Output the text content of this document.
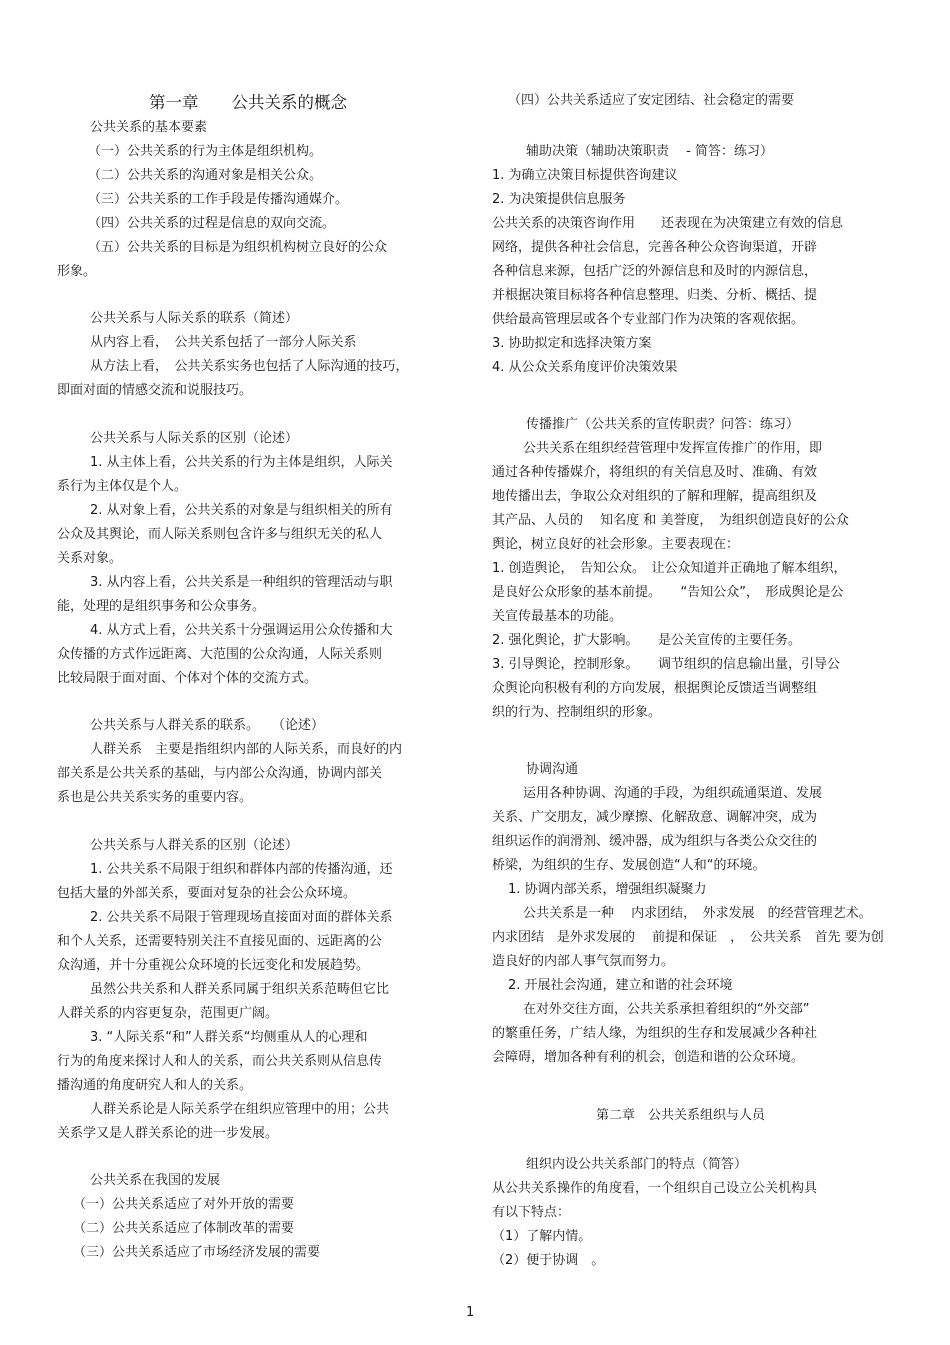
第一章　　公共关系的概念
公共关系的基本要素
（一）公共关系的行为主体是组织机构。
（二）公共关系的沟通对象是相关公众。
（三）公共关系的工作手段是传播沟通媒介。
（四）公共关系的过程是信息的双向交流。
（五）公共关系的目标是为组织机构树立良好的公众
形象。
公共关系与人际关系的联系（简述）
从内容上看，　公共关系包括了一部分人际关系
从方法上看，　公共关系实务也包括了人际沟通的技巧，
即面对面的情感交流和说服技巧。
公共关系与人际关系的区别（论述）
1. 从主体上看，公共关系的行为主体是组织，人际关
系行为主体仅是个人。
2. 从对象上看，公共关系的对象是与组织相关的所有
公众及其舆论，而人际关系则包含许多与组织无关的私人
关系对象。
3. 从内容上看，公共关系是一种组织的管理活动与职
能，处理的是组织事务和公众事务。
4. 从方式上看，公共关系十分强调运用公众传播和大
众传播的方式作远距离、大范围的公众沟通，人际关系则
比较局限于面对面、个体对个体的交流方式。
公共关系与人群关系的联系。　　（论述）
人群关系　主要是指组织内部的人际关系，而良好的内
部关系是公共关系的基础，与内部公众沟通，协调内部关
系也是公共关系实务的重要内容。
公共关系与人群关系的区别（论述）
1. 公共关系不局限于组织和群体内部的传播沟通，还
包括大量的外部关系，要面对复杂的社会公众环境。
2. 公共关系不局限于管理现场直接面对面的群体关系
和个人关系，还需要特别关注不直接见面的、远距离的公
众沟通，并十分重视公众环境的长远变化和发展趋势。
虽然公共关系和人群关系同属于组织关系范畴但它比
人群关系的内容更复杂，范围更广阔。
3. “人际关系“和”人群关系“均侧重从人的心理和
行为的角度来探讨人和人的关系，而公共关系则从信息传
播沟通的角度研究人和人的关系。
人群关系论是人际关系学在组织应管理中的用；公共
关系学又是人群关系论的进一步发展。
公共关系在我国的发展
（一）公共关系适应了对外开放的需要
（二）公共关系适应了体制改革的需要
（三）公共关系适应了市场经济发展的需要
（四）公共关系适应了安定团结、社会稳定的需要
辅助决策（辅助决策职责　 - 简答：练习）
1. 为确立决策目标提供咨询建议
2. 为决策提供信息服务
公共关系的决策咨询作用　　还表现在为决策建立有效的信息
网络，提供各种社会信息，完善各种公众咨询渠道，开辟
各种信息来源，包括广泛的外源信息和及时的内源信息，
并根据决策目标将各种信息整理、归类、分析、概括、提
供给最高管理层或各个专业部门作为决策的客观依据。
3. 协助拟定和选择决策方案
4. 从公众关系角度评价决策效果
传播推广（公共关系的宣传职责？问答：练习）
公共关系在组织经营管理中发挥宣传推广的作用，即
通过各种传播媒介，将组织的有关信息及时、准确、有效
地传播出去，争取公众对组织的了解和理解，提高组织及
其产品、人员的　 知名度 和 美誉度，　为组织创造良好的公众
舆论，树立良好的社会形象。主要表现在：
1. 创造舆论，　告知公众。　让公众知道并正确地了解本组织，
是良好公众形象的基本前提。　　“告知公众”，　形成舆论是公
关宣传最基本的功能。
2. 强化舆论，扩大影响。　　是公关宣传的主要任务。
3. 引导舆论，控制形象。　　调节组织的信息输出量，引导公
众舆论向积极有利的方向发展，根据舆论反馈适当调整组
织的行为、控制组织的形象。
协调沟通
运用各种协调、沟通的手段，为组织疏通渠道、发展
关系、广交朋友，减少摩擦、化解敌意、调解冲突，成为
组织运作的润滑剂、缓冲器，成为组织与各类公众交往的
桥梁，为组织的生存、发展创造“人和“的环境。
1. 协调内部关系，增强组织凝聚力
公共关系是一种　 内求团结，　外求发展　的经营管理艺术。
内求团结　是外求发展的　 前提和保证　，　公共关系　首先 要为创
造良好的内部人事气氛而努力。
2. 开展社会沟通，建立和谐的社会环境
在对外交往方面，公共关系承担着组织的“外交部”
的繁重任务，广结人缘，为组织的生存和发展减少各种社
会障碍，增加各种有利的机会，创造和谐的公众环境。
第二章　公共关系组织与人员
组织内设公共关系部门的特点（简答）
从公共关系操作的角度看，一个组织自己设立公关机构具
有以下特点：
（1）了解内情。
（2）便于协调　。
1
